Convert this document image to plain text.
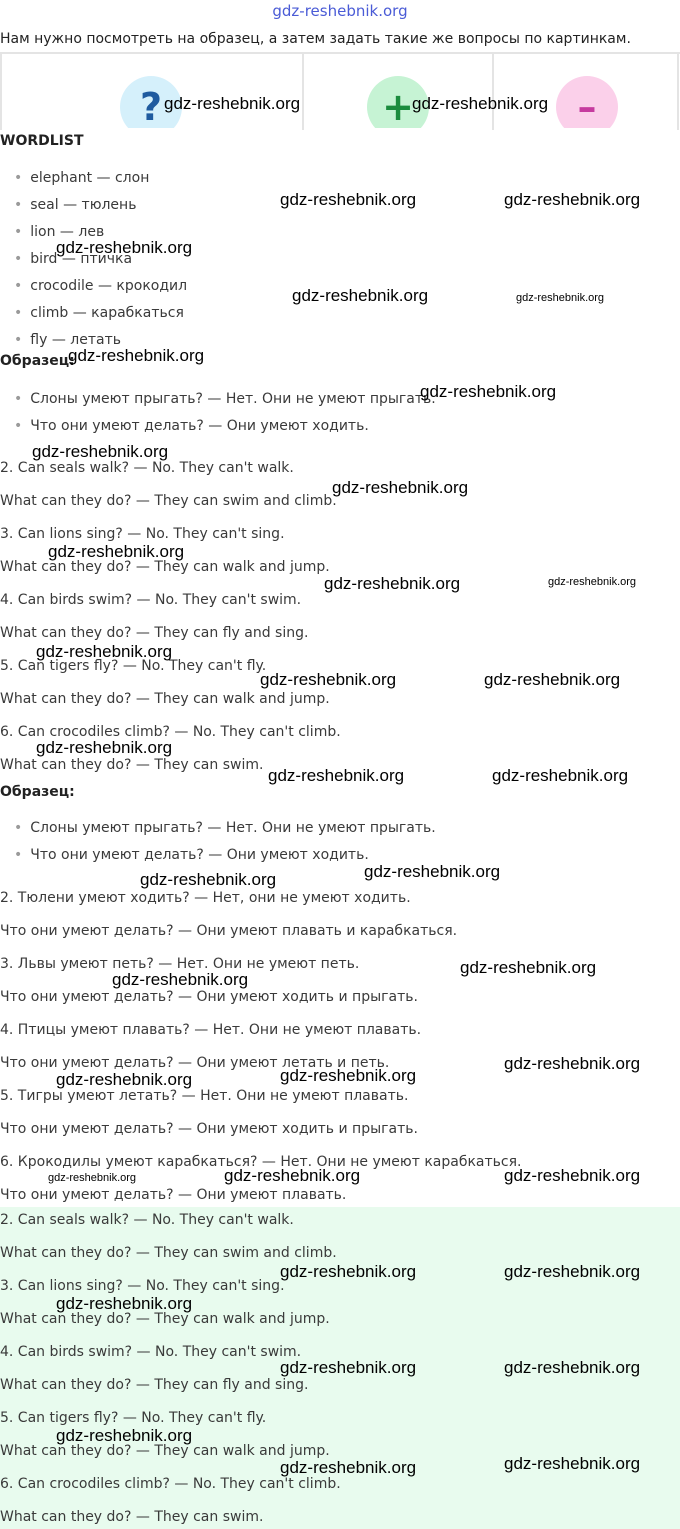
gdz-reshebnik.org
Нам нужно посмотреть на образец, а затем задать такие же вопросы по картинкам.
?	+	–
WORDLIST
• elephant — слон
• seal — тюлень
• lion — лев
• bird — птичка
• crocodile — крокодил
• climb — карабкаться
• fly — летать
Образец:
• Слоны умеют прыгать? — Нет. Они не умеют прыгать.
• Что они умеют делать? — Они умеют ходить.
2. Can seals walk? — No. They can't walk.
What can they do? — They can swim and climb.
3. Can lions sing? — No. They can't sing.
What can they do? — They can walk and jump.
4. Can birds swim? — No. They can't swim.
What can they do? — They can fly and sing.
5. Can tigers fly? — No. They can't fly.
What can they do? — They can walk and jump.
6. Can crocodiles climb? — No. They can't climb.
What can they do? — They can swim.
Образец:
• Слоны умеют прыгать? — Нет. Они не умеют прыгать.
• Что они умеют делать? — Они умеют ходить.
2. Тюлени умеют ходить? — Нет, они не умеют ходить.
Что они умеют делать? — Они умеют плавать и карабкаться.
3. Львы умеют петь? — Нет. Они не умеют петь.
Что они умеют делать? — Они умеют ходить и прыгать.
4. Птицы умеют плавать? — Нет. Они не умеют плавать.
Что они умеют делать? — Они умеют летать и петь.
5. Тигры умеют летать? — Нет. Они не умеют плавать.
Что они умеют делать? — Они умеют ходить и прыгать.
6. Крокодилы умеют карабкаться? — Нет. Они не умеют карабкаться.
Что они умеют делать? — Они умеют плавать.
2. Can seals walk? — No. They can't walk.
What can they do? — They can swim and climb.
3. Can lions sing? — No. They can't sing.
What can they do? — They can walk and jump.
4. Can birds swim? — No. They can't swim.
What can they do? — They can fly and sing.
5. Can tigers fly? — No. They can't fly.
What can they do? — They can walk and jump.
6. Can crocodiles climb? — No. They can't climb.
What can they do? — They can swim.
gdz-reshebnik.org	gdz-reshebnik.org
gdz-reshebnik.org	gdz-reshebnik.org
gdz-reshebnik.org
gdz-reshebnik.org	gdz-reshebnik.org
gdz-reshebnik.org
gdz-reshebnik.org
gdz-reshebnik.org
gdz-reshebnik.org
gdz-reshebnik.org
gdz-reshebnik.org	gdz-reshebnik.org
gdz-reshebnik.org
gdz-reshebnik.org	gdz-reshebnik.org
gdz-reshebnik.org
gdz-reshebnik.org	gdz-reshebnik.org
gdz-reshebnik.org
gdz-reshebnik.org
gdz-reshebnik.org
gdz-reshebnik.org
gdz-reshebnik.org
gdz-reshebnik.org
gdz-reshebnik.org
gdz-reshebnik.org	gdz-reshebnik.org	gdz-reshebnik.org
gdz-reshebnik.org	gdz-reshebnik.org
gdz-reshebnik.org
gdz-reshebnik.org	gdz-reshebnik.org
gdz-reshebnik.org
gdz-reshebnik.org
gdz-reshebnik.org
